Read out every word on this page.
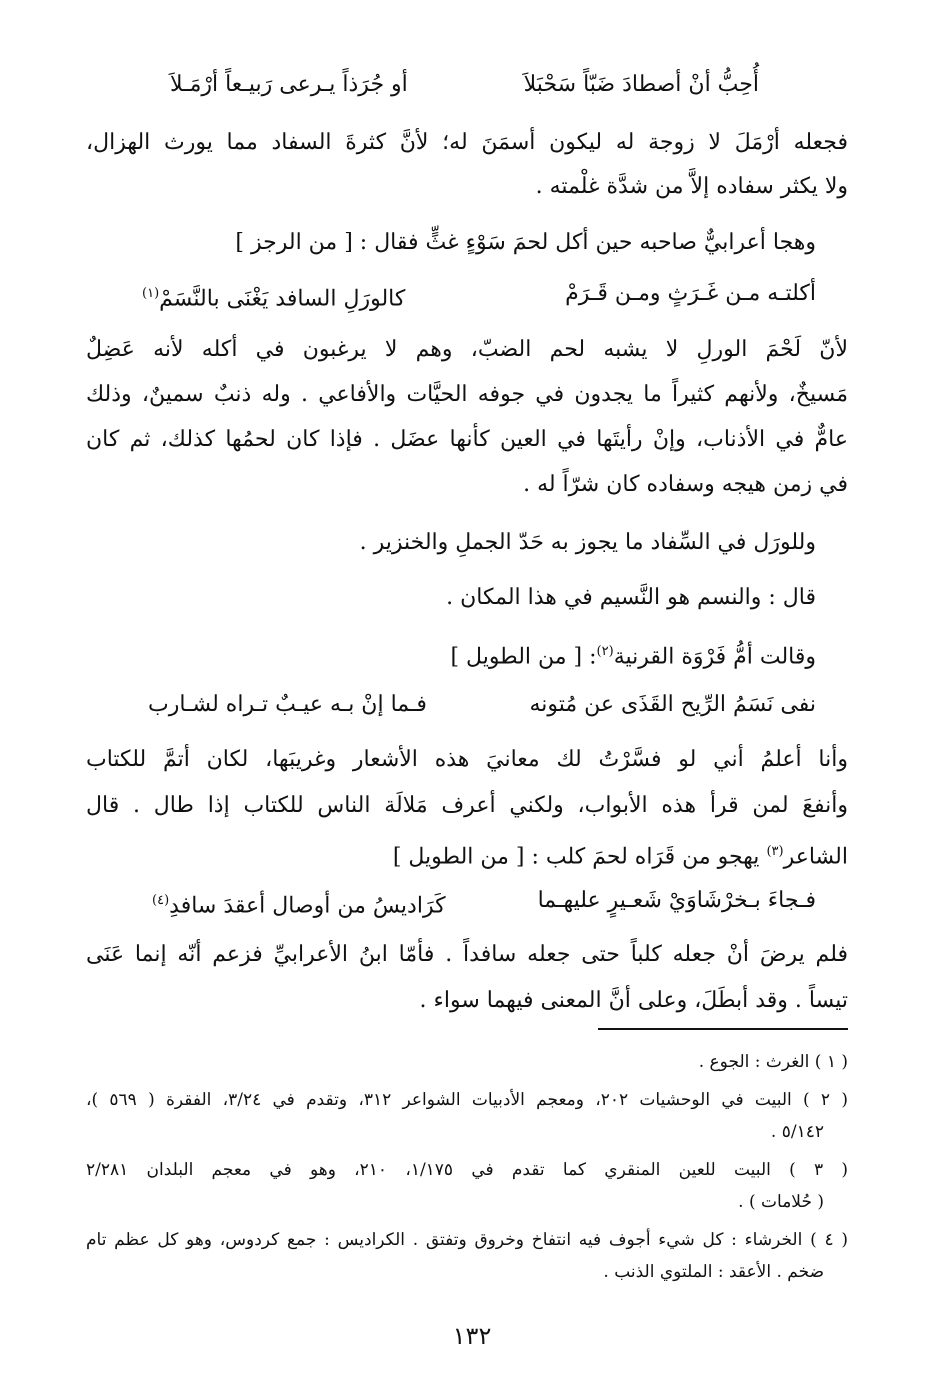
أُحِبُّ أنْ أصطادَ ضَبّاً سَحْبَلاَ
أو جُرَذاً يـرعى رَبيـعاً أرْمَـلاَ
فجعله أرْمَلَ لا زوجة له ليكون أسمَنَ له؛ لأنَّ كثرةَ السفاد مما يورث الهزال،
ولا يكثر سفاده إلاَّ من شدَّة غلْمته .
وهجا أعرابيٌّ صاحبه حين أكل لحمَ سَوْءٍ غثٍّ فقال : [ من الرجز ]
أكلتـه مـن غَـرَثٍ ومـن قَـرَمْ
كالورَلِ السافد يَغْنَى بالنَّسَمْ$^{(١)}$
لأنّ لَحْمَ الورلِ لا يشبه لحم الضبّ، وهم لا يرغبون في أكله لأنه عَضِلٌ
مَسيخٌ، ولأنهم كثيراً ما يجدون في جوفه الحيَّات والأفاعي . وله ذنبٌ سمينٌ، وذلك
عامٌّ في الأذناب، وإنْ رأيتَها في العين كأنها عضَل . فإذا كان لحمُها كذلك، ثم كان
في زمن هيجه وسفاده كان شرّاً له .
وللورَل في السِّفاد ما يجوز به حَدّ الجملِ والخنزير .
قال : والنسم هو النَّسيم في هذا المكان .
وقالت أمُّ فَرْوَة القرنية$^{(٢)}$: [ من الطويل ]
نفى نَسَمُ الرِّيح القَذَى عن مُتونه
فـما إنْ بـه عيـبٌ تـراه لشـارب
وأنا أعلمُ أني لو فسَّرْتُ لك معانيَ هذه الأشعار وغريبَها، لكان أتمَّ للكتاب
وأنفعَ لمن قرأ هذه الأبواب، ولكني أعرف مَلالَة الناس للكتاب إذا طال . قال
الشاعر$^{(٣)}$ يهجو من قَرَاه لحمَ كلب : [ من الطويل ]
فـجاءَ بـخرْشَاوَيْ شَعـيرٍ عليهـما
كَرَاديسُ من أوصال أعقدَ سافدِ$^{(٤)}$
فلم يرضَ أنْ جعله كلباً حتى جعله سافداً . فأمّا ابنُ الأعرابيِّ فزعم أنّه إنما عَنَى
تيساً . وقد أبطَلَ، وعلى أنَّ المعنى فيهما سواء .
( ١ ) الغرث : الجوع .
( ٢ ) البيت في الوحشيات ٢٠٢، ومعجم الأدبيات الشواعر ٣١٢، وتقدم في ٣/٢٤، الفقرة ( ٥٦٩ )،
٥/١٤٢ .
( ٣ ) البيت للعين المنقري كما تقدم في ١/١٧٥، ٢١٠، وهو في معجم البلدان ٢/٢٨١
( حُلامات ) .
( ٤ ) الخرشاء : كل شيء أجوف فيه انتفاخ وخروق وتفتق . الكراديس : جمع كردوس، وهو كل عظم تام
ضخم . الأعقد : الملتوي الذنب .
١٣٢
